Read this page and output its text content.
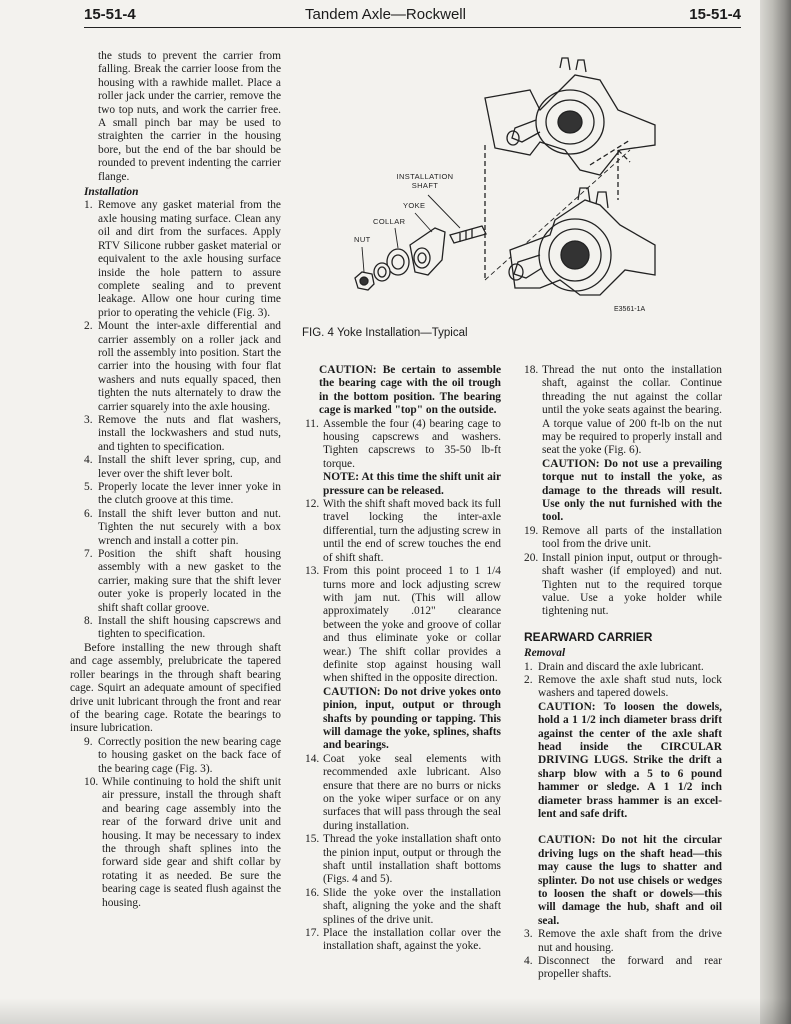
15-51-4	Tandem Axle—Rockwell	15-51-4

the studs to prevent the carrier from falling. Break the carrier loose from the housing with a rawhide mallet. Place a roller jack under the carrier, remove the two top nuts, and work the carrier free. A small pinch bar may be used to straighten the carrier in the housing bore, but the end of the bar should be rounded to prevent indenting the carrier flange.

Installation

1. Remove any gasket material from the axle housing mating surface. Clean any oil and dirt from the surfaces. Apply RTV Silicone rubber gasket material or equivalent to the axle housing surface inside the hole pattern to assure complete sealing and to prevent leakage. Allow one hour curing time prior to operating the vehicle (Fig. 3).
2. Mount the inter-axle differential and carrier assembly on a roller jack and roll the assembly into position. Start the carrier into the housing with four flat washers and nuts equally spaced, then tighten the nuts alternately to draw the carrier squarely into the axle housing.
3. Remove the nuts and flat washers, install the lockwashers and stud nuts, and tighten to specification.
4. Install the shift lever spring, cup, and lever over the shift lever bolt.
5. Properly locate the lever inner yoke in the clutch groove at this time.
6. Install the shift lever button and nut. Tighten the nut securely with a box wrench and install a cotter pin.
7. Position the shift shaft housing assembly with a new gasket to the carrier, making sure that the shift lever outer yoke is properly located in the shift shaft collar groove.
8. Install the shift housing capscrews and tighten to specification.

Before installing the new through shaft and cage assembly, prelubricate the tapered roller bearings in the through shaft bearing cage. Squirt an adequate amount of specified drive unit lubricant through the front and rear of the bearing cage. Rotate the bearings to insure lubrication.

9. Correctly position the new bearing cage to housing gasket on the back face of the bearing cage (Fig. 3).
10. While continuing to hold the shift unit air pressure, install the through shaft and bearing cage assembly into the rear of the forward drive unit and housing. It may be necessary to index the through shaft splines into the forward side gear and shift collar by rotating it as needed. Be sure the bearing cage is seated flush against the housing.
INSTALLATION SHAFT
YOKE
COLLAR
NUT
E3561-1A
FIG. 4 Yoke Installation—Typical

CAUTION: Be certain to assemble the bearing cage with the oil trough in the bottom position. The bearing cage is marked "top" on the outside.

11. Assemble the four (4) bearing cage to housing capscrews and washers. Tighten capscrews to 35-50 lb-ft torque.
NOTE: At this time the shift unit air pressure can be released.
12. With the shift shaft moved back its full travel locking the inter-axle differential, turn the adjusting screw in until the end of screw touches the end of shift shaft.
13. From this point proceed 1 to 1 1/4 turns more and lock adjusting screw with jam nut. (This will allow approximately .012" clearance between the yoke and groove of collar and thus eliminate yoke or collar wear.) The shift collar provides a definite stop against housing wall when shifted in the opposite direction.
CAUTION: Do not drive yokes onto pinion, input, output or through shafts by pounding or tapping. This will damage the yoke, splines, shafts and bearings.
14. Coat yoke seal elements with recommended axle lubricant. Also ensure that there are no burrs or nicks on the yoke wiper surface or on any surfaces that will pass through the seal during installation.
15. Thread the yoke installation shaft onto the pinion input, output or through the shaft until installation shaft bottoms (Figs. 4 and 5).
16. Slide the yoke over the installation shaft, aligning the yoke and the shaft splines of the drive unit.
17. Place the installation collar over the installation shaft, against the yoke.
18. Thread the nut onto the installation shaft, against the collar. Continue threading the nut against the collar until the yoke seats against the bearing. A torque value of 200 ft-lb on the nut may be required to properly install and seat the yoke (Fig. 6).
CAUTION: Do not use a prevailing torque nut to install the yoke, as damage to the threads will result. Use only the nut furnished with the tool.
19. Remove all parts of the installation tool from the drive unit.
20. Install pinion input, output or through-shaft washer (if employed) and nut. Tighten nut to the required torque value. Use a yoke holder while tightening nut.

REARWARD CARRIER

Removal

1. Drain and discard the axle lubricant.
2. Remove the axle shaft stud nuts, lock washers and tapered dowels.
CAUTION: To loosen the dowels, hold a 1 1/2 inch diameter brass drift against the center of the axle shaft head inside the CIRCULAR DRIVING LUGS. Strike the drift a sharp blow with a 5 to 6 pound hammer or sledge. A 1 1/2 inch diameter brass hammer is an excel-lent and safe drift.
CAUTION: Do not hit the circular driving lugs on the shaft head—this may cause the lugs to shatter and splinter. Do not use chisels or wedges to loosen the shaft or dowels—this will damage the hub, shaft and oil seal.
3. Remove the axle shaft from the drive nut and housing.
4. Disconnect the forward and rear propeller shafts.
